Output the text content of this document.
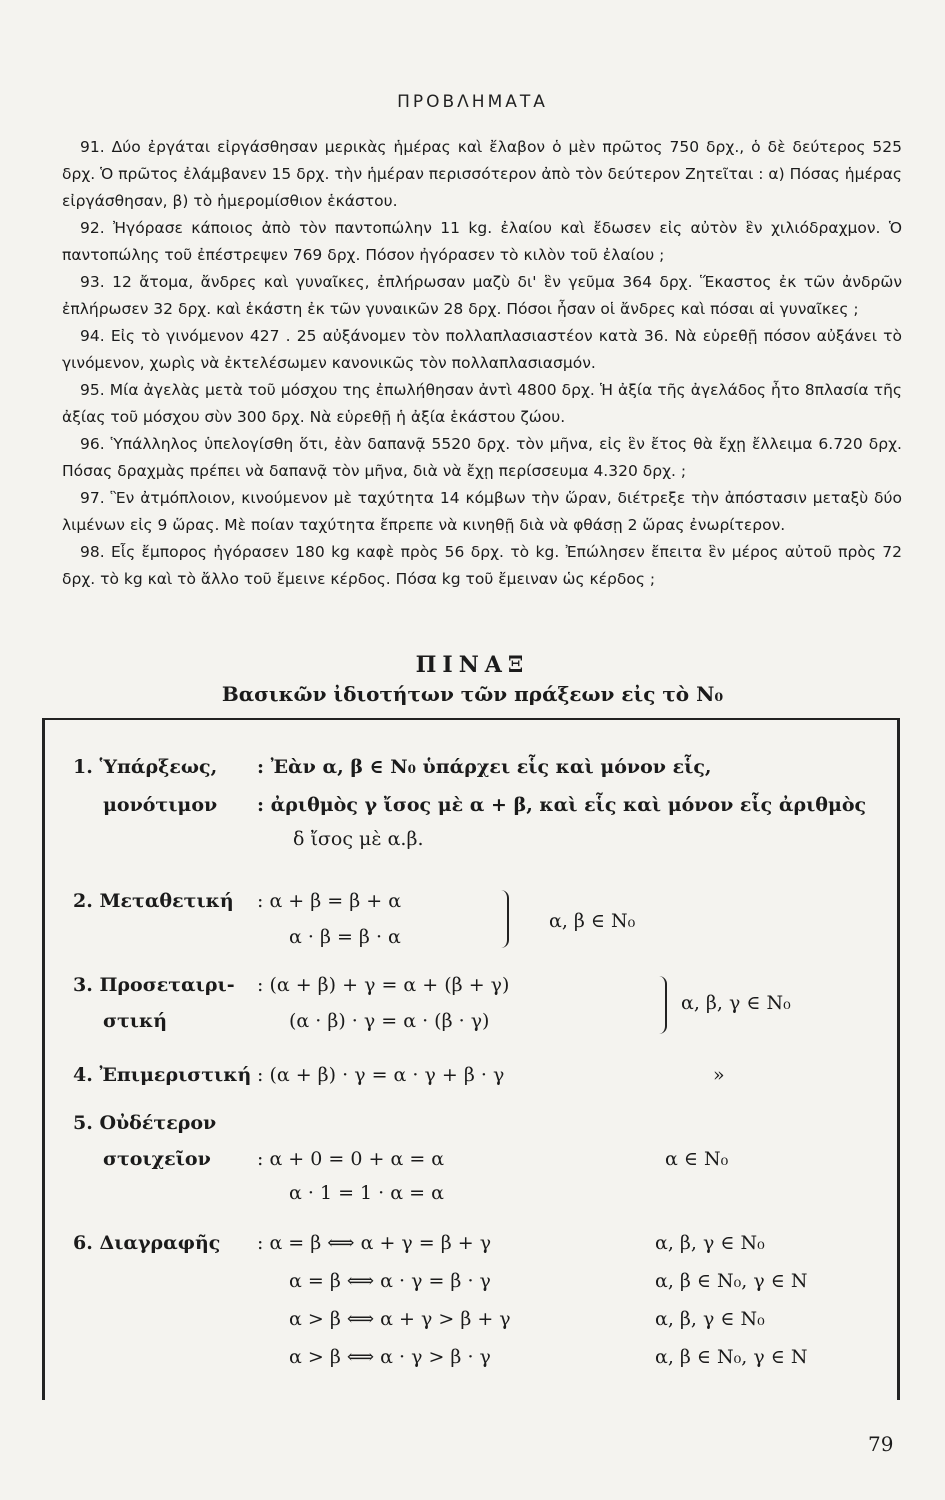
ΠΡΟΒΛΗΜΑΤΑ

91. Δύο ἐργάται εἰργάσθησαν μερικὰς ἡμέρας καὶ ἔλαβον ὁ μὲν πρῶτος 750 δρχ., ὁ δὲ δεύτερος 525 δρχ. Ὁ πρῶτος ἐλάμβανεν 15 δρχ. τὴν ἡμέραν περισσότερον ἀπὸ τὸν δεύτερον Ζητεῖται : α) Πόσας ἡμέρας εἰργάσθησαν, β) τὸ ἡμερομίσθιον ἑκάστου.

92. Ἠγόρασε κάποιος ἀπὸ τὸν παντοπώλην 11 kg. ἐλαίου καὶ ἔδωσεν εἰς αὐτὸν ἓν χιλιόδραχμον. Ὁ παντοπώλης τοῦ ἐπέστρεψεν 769 δρχ. Πόσον ἠγόρασεν τὸ κιλὸν τοῦ ἐλαίου ;

93. 12 ἄτομα, ἄνδρες καὶ γυναῖκες, ἐπλήρωσαν μαζὺ δι' ἓν γεῦμα 364 δρχ. Ἕκαστος ἐκ τῶν ἀνδρῶν ἐπλήρωσεν 32 δρχ. καὶ ἑκάστη ἐκ τῶν γυναικῶν 28 δρχ. Πόσοι ἦσαν οἱ ἄνδρες καὶ πόσαι αἱ γυναῖκες ;

94. Εἰς τὸ γινόμενον 427 . 25 αὐξάνομεν τὸν πολλαπλασιαστέον κατὰ 36. Νὰ εὑρεθῇ πόσον αὐξάνει τὸ γινόμενον, χωρὶς νὰ ἐκτελέσωμεν κανονικῶς τὸν πολλαπλασιασμόν.

95. Μία ἀγελὰς μετὰ τοῦ μόσχου της ἐπωλήθησαν ἀντὶ 4800 δρχ. Ἡ ἀξία τῆς ἀγελάδος ἦτο 8πλασία τῆς ἀξίας τοῦ μόσχου σὺν 300 δρχ. Νὰ εὑρεθῇ ἡ ἀξία ἑκάστου ζώου.

96. Ὑπάλληλος ὑπελογίσθη ὅτι, ἐὰν δαπανᾷ 5520 δρχ. τὸν μῆνα, εἰς ἓν ἔτος θὰ ἔχῃ ἔλλειμα 6.720 δρχ. Πόσας δραχμὰς πρέπει νὰ δαπανᾷ τὸν μῆνα, διὰ νὰ ἔχῃ περίσσευμα 4.320 δρχ. ;

97. Ἓν ἀτμόπλοιον, κινούμενον μὲ ταχύτητα 14 κόμβων τὴν ὥραν, διέτρεξε τὴν ἀπόστασιν μεταξὺ δύο λιμένων εἰς 9 ὥρας. Μὲ ποίαν ταχύτητα ἔπρεπε νὰ κινηθῇ διὰ νὰ φθάσῃ 2 ὥρας ἐνωρίτερον.

98. Εἷς ἔμπορος ἠγόρασεν 180 kg καφὲ πρὸς 56 δρχ. τὸ kg. Ἐπώλησεν ἔπειτα ἓν μέρος αὐτοῦ πρὸς 72 δρχ. τὸ kg καὶ τὸ ἄλλο τοῦ ἔμεινε κέρδος. Πόσα kg τοῦ ἔμειναν ὡς κέρδος ;

ΠΙΝΑΞ
Βασικῶν ἰδιοτήτων τῶν πράξεων εἰς τὸ N₀
1. Ὑπάρξεως, : Ἐὰν α, β ∈ N₀ ὑπάρχει εἷς καὶ μόνον εἷς,
μονότιμον : ἀριθμὸς γ ἴσος μὲ α + β, καὶ εἷς καὶ μόνον εἷς ἀριθμὸς
δ ἴσος μὲ α.β.
2. Μεταθετική : α + β = β + α
α · β = β · α
α, β ∈ N₀
3. Προσεταιρι-
στική
: (α + β) + γ = α + (β + γ)
(α · β) · γ = α · (β · γ)
α, β, γ ∈ N₀
4. Ἐπιμεριστική : (α + β) · γ = α · γ + β · γ	»
5. Οὐδέτερον
στοιχεῖον : α + 0 = 0 + α = α
α · 1 = 1 · α = α
α ∈ N₀
6. Διαγραφῆς : α = β ⟺ α + γ = β + γ	α, β, γ ∈ N₀
α = β ⟺ α · γ = β · γ	α, β ∈ N₀, γ ∈ N
α > β ⟺ α + γ > β + γ	α, β, γ ∈ N₀
α > β ⟺ α · γ > β · γ	α, β ∈ N₀, γ ∈ N
79
